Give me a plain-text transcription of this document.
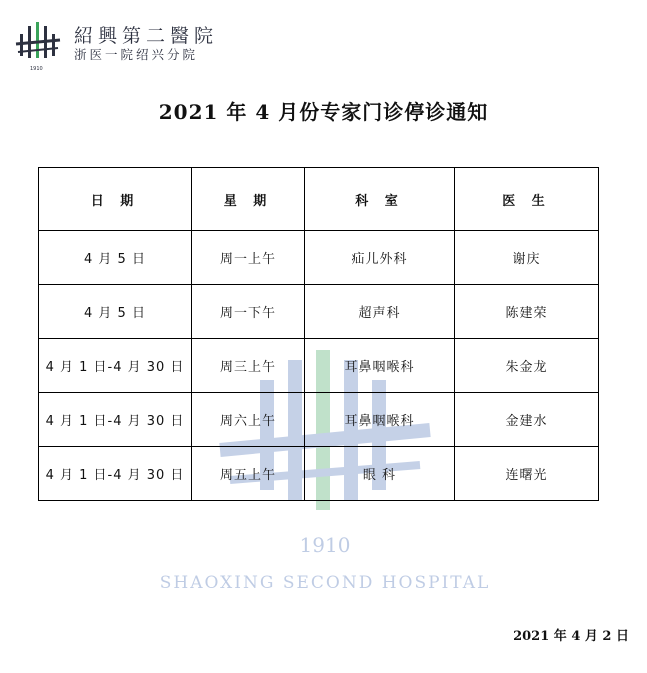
紹興第二醫院
浙医一院绍兴分院
1910
2021 年 4 月份专家门诊停诊通知
1910
SHAOXING SECOND HOSPITAL
日 期	星 期	科 室	医 生
4 月 5 日	周一上午	疝儿外科	谢庆
4 月 5 日	周一下午	超声科	陈建荣
4 月 1 日-4 月 30 日	周三上午	耳鼻咽喉科	朱金龙
4 月 1 日-4 月 30 日	周六上午	耳鼻咽喉科	金建水
4 月 1 日-4 月 30 日	周五上午	眼 科	连曙光
2021 年 4 月 2 日
